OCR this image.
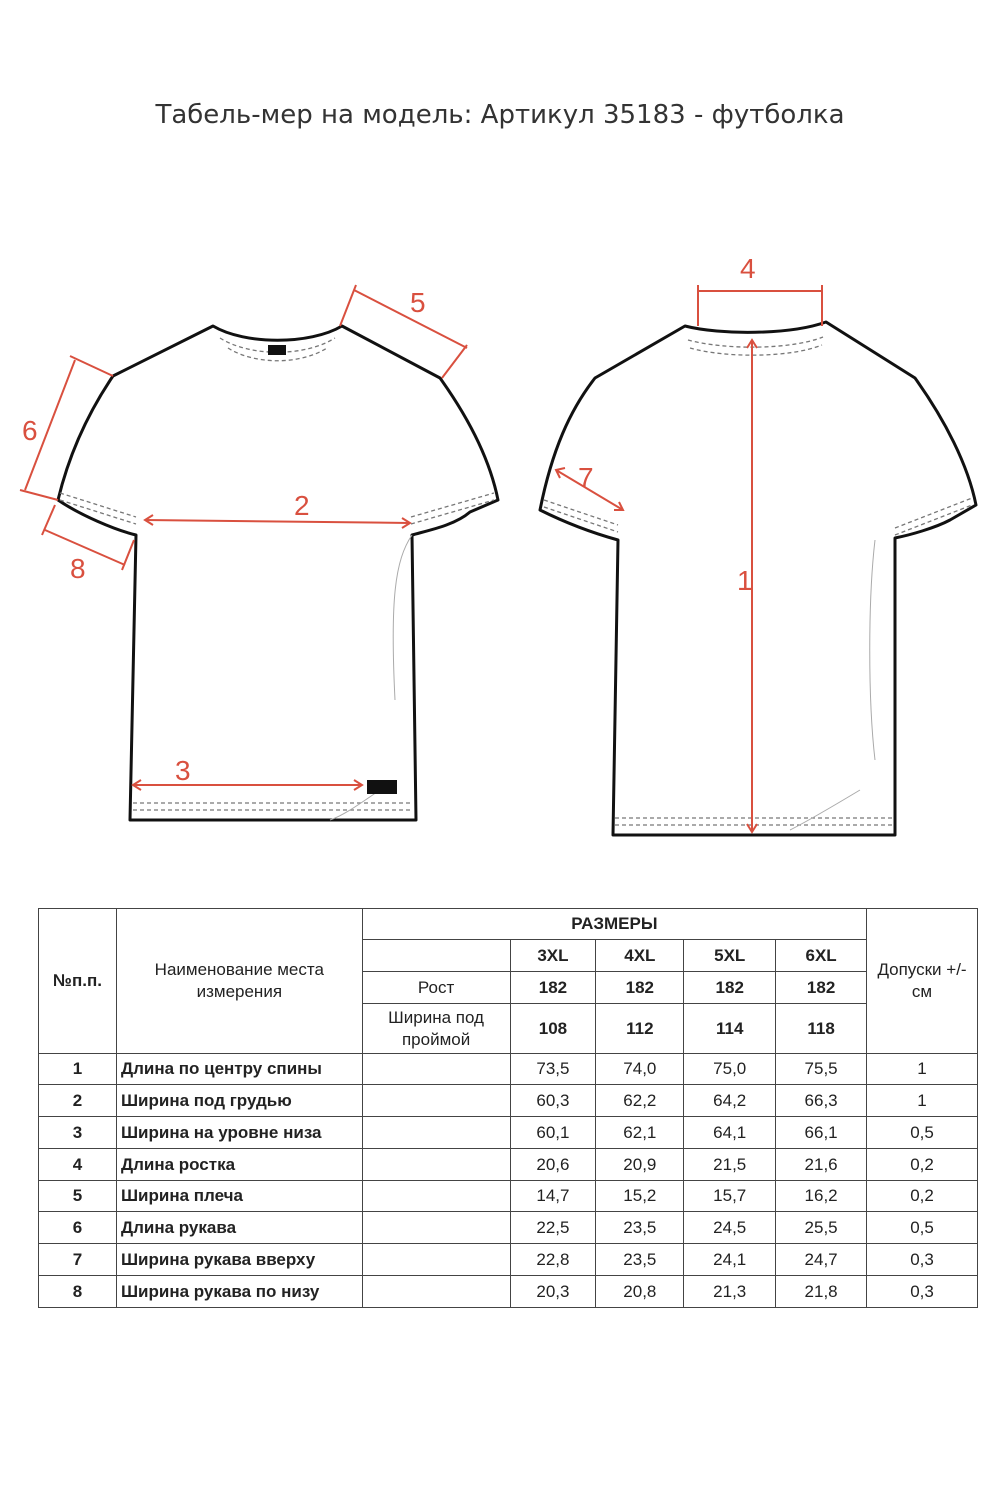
Табель-мер на модель: Артикул 35183 - футболка
2
3
5
6
8	1
4
7
№п.п.	Наименование места измерения	РАЗМЕРЫ					Допуски +/- см
			3XL	4XL	5XL	6XL	
		Рост	182	182	182	182	
		Ширина под проймой	108	112	114	118	
1	Длина по центру спины		73,5	74,0	75,0	75,5	1
2	Ширина под грудью		60,3	62,2	64,2	66,3	1
3	Ширина на уровне низа		60,1	62,1	64,1	66,1	0,5
4	Длина ростка		20,6	20,9	21,5	21,6	0,2
5	Ширина плеча		14,7	15,2	15,7	16,2	0,2
6	Длина рукава		22,5	23,5	24,5	25,5	0,5
7	Ширина рукава вверху		22,8	23,5	24,1	24,7	0,3
8	Ширина рукава по низу		20,3	20,8	21,3	21,8	0,3
